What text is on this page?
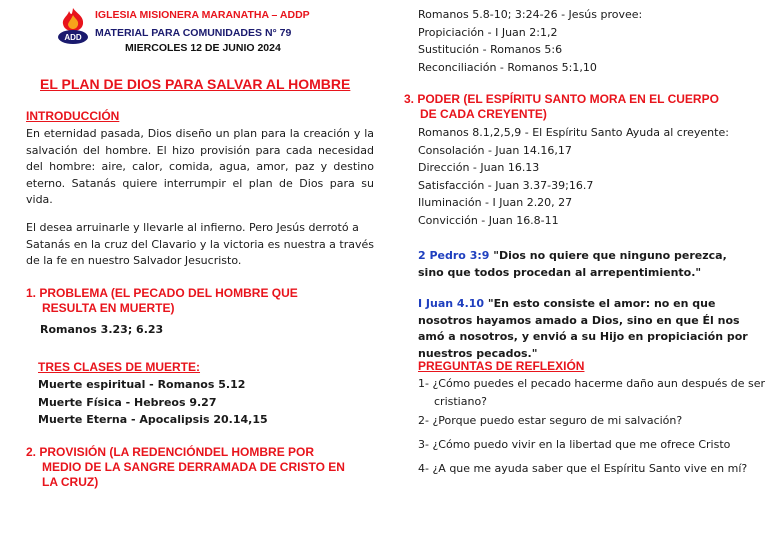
ADD
IGLESIA MISIONERA MARANATHA – ADDP
MATERIAL PARA COMUNIDADES N° 79
MIERCOLES 12 DE JUNIO 2024
EL PLAN DE DIOS PARA SALVAR AL HOMBRE
INTRODUCCIÓN
En eternidad pasada, Dios diseño un plan para la creación y la salvación del hombre. El hizo provisión para cada necesidad del hombre: aire, calor, comida, agua, amor, paz y destino eterno. Satanás quiere interrumpir el plan de Dios para su vida.
El desea arruinarle y llevarle al infierno. Pero Jesús derrotó a Satanás en la cruz del Clavario y la victoria es nuestra a través de la fe en nuestro Salvador Jesucristo.
1. PROBLEMA (EL PECADO DEL HOMBRE QUE
RESULTA EN MUERTE)
Romanos 3.23; 6.23
TRES CLASES DE MUERTE:
Muerte espiritual - Romanos 5.12
Muerte Física - Hebreos 9.27
Muerte Eterna - Apocalipsis 20.14,15
2. PROVISIÓN (LA REDENCIÓNDEL HOMBRE POR
MEDIO DE LA SANGRE DERRAMADA DE CRISTO EN
LA CRUZ)
Romanos 5.8-10; 3:24-26 - Jesús provee:
Propiciación - I Juan 2:1,2
Sustitución - Romanos 5:6
Reconciliación - Romanos 5:1,10
3. PODER (EL ESPÍRITU SANTO MORA EN EL CUERPO
DE CADA CREYENTE)
Romanos 8.1,2,5,9 - El Espíritu Santo Ayuda al creyente:
Consolación - Juan 14.16,17
Dirección - Juan 16.13
Satisfacción - Juan 3.37-39;16.7
Iluminación - I Juan 2.20, 27
Convicción - Juan 16.8-11
2 Pedro 3:9 "Dios no quiere que ninguno perezca, sino que todos procedan al arrepentimiento."
I Juan 4.10 "En esto consiste el amor: no en que nosotros hayamos amado a Dios, sino en que Él nos amó a nosotros, y envió a su Hijo en propiciación por nuestros pecados."
PREGUNTAS DE REFLEXIÓN
1- ¿Cómo puedes el pecado hacerme daño aun después de ser
cristiano?
2- ¿Porque puedo estar seguro de mi salvación?
3- ¿Cómo puedo vivir en la libertad que me ofrece Cristo
4- ¿A que me ayuda saber que el Espíritu Santo vive en mí?
